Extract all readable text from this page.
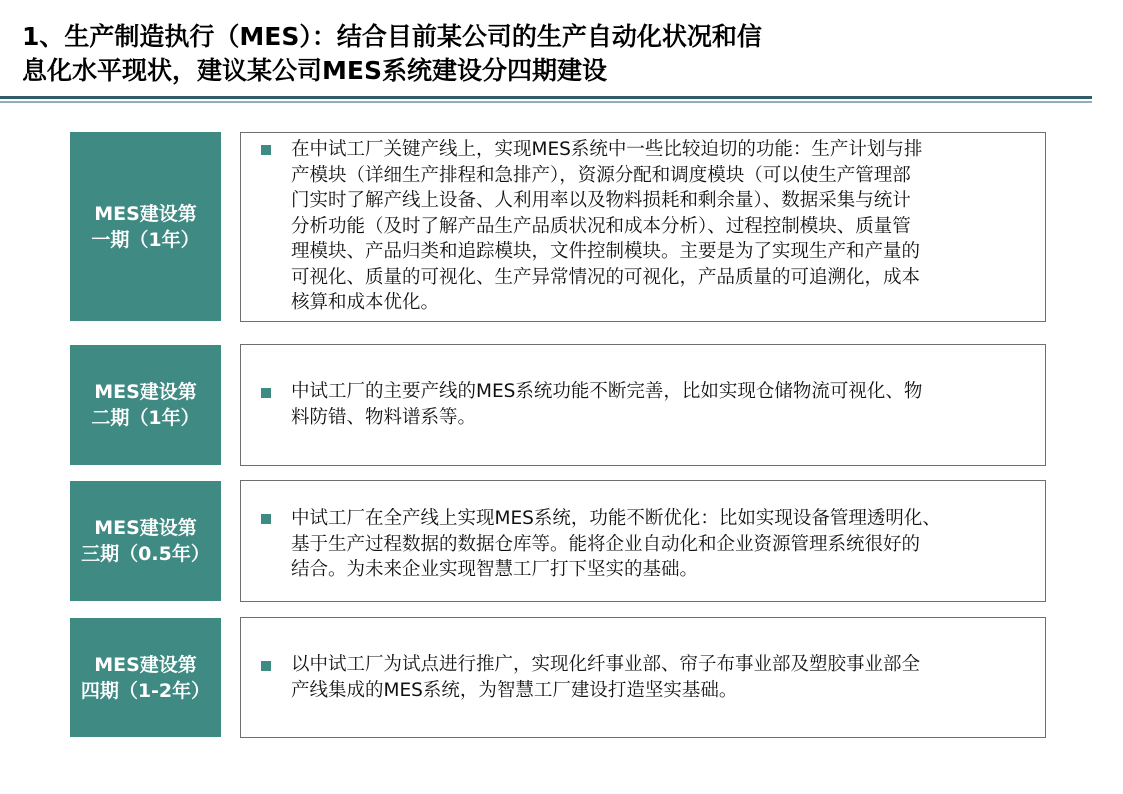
1、生产制造执行（MES）：结合目前某公司的生产自动化状况和信
息化水平现状，建议某公司MES系统建设分四期建设
MES建设第
一期（1年）
在中试工厂关键产线上，实现MES系统中一些比较迫切的功能：生产计划与排
产模块（详细生产排程和急排产），资源分配和调度模块（可以使生产管理部
门实时了解产线上设备、人利用率以及物料损耗和剩余量）、数据采集与统计
分析功能（及时了解产品生产品质状况和成本分析）、过程控制模块、质量管
理模块、产品归类和追踪模块，文件控制模块。主要是为了实现生产和产量的
可视化、质量的可视化、生产异常情况的可视化，产品质量的可追溯化，成本
核算和成本优化。
MES建设第
二期（1年）
中试工厂的主要产线的MES系统功能不断完善，比如实现仓储物流可视化、物
料防错、物料谱系等。
MES建设第
三期（0.5年）
中试工厂在全产线上实现MES系统，功能不断优化：比如实现设备管理透明化、
基于生产过程数据的数据仓库等。能将企业自动化和企业资源管理系统很好的
结合。为未来企业实现智慧工厂打下坚实的基础。
MES建设第
四期（1-2年）
以中试工厂为试点进行推广，实现化纤事业部、帘子布事业部及塑胶事业部全
产线集成的MES系统，为智慧工厂建设打造坚实基础。
